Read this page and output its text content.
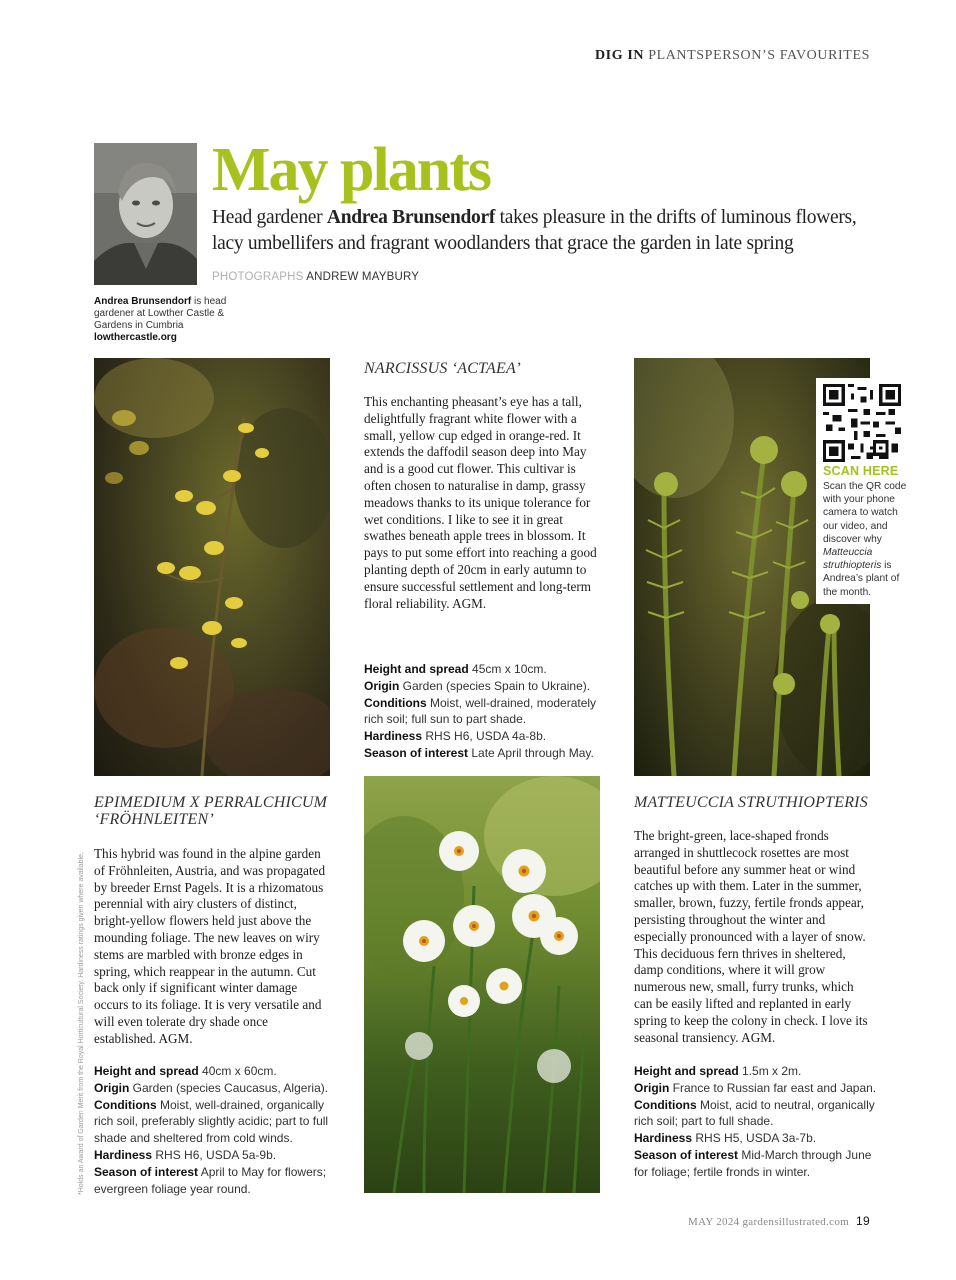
DIG IN PLANTSPERSON’S FAVOURITES
Andrea Brunsendorf is head gardener at Lowther Castle & Gardens in Cumbria lowthercastle.org
May plants
Head gardener Andrea Brunsendorf takes pleasure in the drifts of luminous flowers, lacy umbellifers and fragrant woodlanders that grace the garden in late spring
PHOTOGRAPHS ANDREW MAYBURY
NARCISSUS ‘ACTAEA’
This enchanting pheasant’s eye has a tall, delightfully fragrant white flower with a small, yellow cup edged in orange-red. It extends the daffodil season deep into May and is a good cut flower. This cultivar is often chosen to naturalise in damp, grassy meadows thanks to its unique tolerance for wet conditions. I like to see it in great swathes beneath apple trees in blossom. It pays to put some effort into reaching a good planting depth of 20cm in early autumn to ensure successful settlement and long-term floral reliability. AGM.
Height and spread 45cm x 10cm.
Origin Garden (species Spain to Ukraine).
Conditions Moist, well-drained, moderately rich soil; full sun to part shade.
Hardiness RHS H6, USDA 4a-8b.
Season of interest Late April through May.
SCAN HERE
Scan the QR code with your phone camera to watch our video, and discover why Matteuccia struthiopteris is Andrea’s plant of the month.
EPIMEDIUM X PERRALCHICUM
‘FRÖHNLEITEN’
This hybrid was found in the alpine garden of Fröhnleiten, Austria, and was propagated by breeder Ernst Pagels. It is a rhizomatous perennial with airy clusters of distinct, bright-yellow flowers held just above the mounding foliage. The new leaves on wiry stems are marbled with bronze edges in spring, which reappear in the autumn. Cut back only if significant winter damage occurs to its foliage. It is very versatile and will even tolerate dry shade once established. AGM.
Height and spread 40cm x 60cm.
Origin Garden (species Caucasus, Algeria).
Conditions Moist, well-drained, organically rich soil, preferably slightly acidic; part to full shade and sheltered from cold winds.
Hardiness RHS H6, USDA 5a-9b.
Season of interest April to May for flowers; evergreen foliage year round.
MATTEUCCIA STRUTHIOPTERIS
The bright-green, lace-shaped fronds arranged in shuttlecock rosettes are most beautiful before any summer heat or wind catches up with them. Later in the summer, smaller, brown, fuzzy, fertile fronds appear, persisting throughout the winter and especially pronounced with a layer of snow. This deciduous fern thrives in sheltered, damp conditions, where it will grow numerous new, small, furry trunks, which can be easily lifted and replanted in early spring to keep the colony in check. I love its seasonal transiency. AGM.
Height and spread 1.5m x 2m.
Origin France to Russian far east and Japan.
Conditions Moist, acid to neutral, organically rich soil; part to full shade.
Hardiness RHS H5, USDA 3a-7b.
Season of interest Mid-March through June for foliage; fertile fronds in winter.
*Holds an Award of Garden Merit from the Royal Horticultural Society. Hardiness ratings given where available.
MAY 2024 gardensillustrated.com 19
